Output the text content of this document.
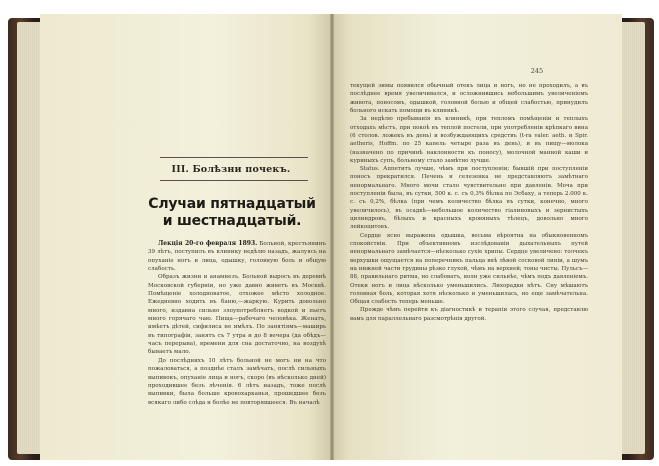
III. Болѣзни почекъ.
Случаи пятнадцатый и шестнадцатый.

Лекція 20-го февраля 1893. Больной, крестьянинъ 39 лѣтъ, поступилъ въ клинику недѣлю назадъ, жалуясь на опуханіе ногъ и лица, одышку, головную боль и общую слабость.

Образъ жизни и анамнезъ. Больной выросъ въ деревнѣ Московской губерніи, но уже давно живетъ въ Москвѣ. Помѣщеніе холодноватое, отхожее мѣсто холодное. Ежедневно ходить въ баню,—жаркую. Курить довольно много, издавна сильно злоупотребляетъ водкой и пьетъ много горячаго чаю. Пища—рабочаго человѣка. Женатъ, имѣетъ дѣтей, сифилиса не имѣлъ. По занятіямъ—маширь въ типографіи, занятъ съ 7 утра и до 8 вечера (да обѣдъ—часъ перерыва), времени для сна достаточно, на воздухѣ бываетъ мало.

До послѣднихъ 10 лѣтъ больной не могъ ни на что пожаловаться, а позднѣе сталъ замѣчать, послѣ сильныхъ выпивокъ, опуханіе лица и ногъ, скоро (въ нѣсколько дней) проходившее безъ лѣченія. 6 лѣтъ назадъ, тоже послѣ выпивки, была больше кровохарканья, прошедшее безъ всякаго либо слѣда и болѣе не повторявшееся. Въ началѣ

245

текущей зимы появился обычный отекъ лица и ногъ, но не проходилъ, а въ послѣднее время увеличивался, и осложнившись небольшимъ увеличеніемъ живота, поносомъ, одышкой, головной болью и общей слабостью, принудилъ больного искать помощи въ клиникѣ.

За недѣлю пребыванія въ клиникѣ, при тепломъ помѣщеніи и теплыхъ отходахъ мѣстъ, при покоѣ въ теплой постели, при употребленіи крѣпкаго вина (6 столов. ложекъ въ день) и возбуждающихъ средствъ (t-ra valer. aeth. и Spir. aetheris, Hoffm. по 25 капель четыре раза въ день), и въ пищу—молока (назначено по причинѣ наклонности къ поносу), молочной манной каши и куриныхъ супъ, больному стало замѣтно лучше.

Status. Аппетитъ лучше, чѣмъ при поступленіи; бывшій при поступленіи поносъ прекратился. Печень и селезенка не представляютъ замѣтнаго ненормальнаго. Много мочи стало чувствительно при давленіи. Моча при поступленіи была, въ сутки, 500 к. с. съ 0,3% бѣлка по Эсбаху, а теперь 2.000 к. с. съ 0,2%, бѣлка (при чемъ количество бѣлка въ сутки, конечно, много увеличилось), въ осадкѣ—небольшое количество гіалиновыхъ и зернистыхъ цилиндровъ, бѣлыхъ и красныхъ кровяныхъ тѣлецъ, довольно много лейкоцитовъ.

Сердце ясно выражена одышка, весьма вѣроятна на обыкновенномъ спокойствіи. При объективномъ изслѣдованіи дыхательныхъ путей ненормальнаго замѣчается—нѣсколько сухіе хрипы. Сердце увеличено: толчекъ верхушки ощущается на поперечникъ пальца внѣ лѣвой сосковой линіи, а шумъ на нижней части грудины рѣзко глухой, чѣмъ на верхней; тоны чисты. Пульсъ—88, правильнаго ритма, но слабоватъ, волн уже сильнѣе, чѣмъ подъ давленіемъ. Отеки ногъ и лица нѣсколько уменьшились. Лихорадки нѣтъ. Сну мѣшаютъ головная боль, которая хотя нѣсколько и уменьшилась, но еще замѣчательна. Общая слабость теперь меньше.

Прежде чѣмъ перейти къ діагностикѣ и терапіи этого случая, представлю вамъ для параллельнаго разсмотрѣнія другой.
